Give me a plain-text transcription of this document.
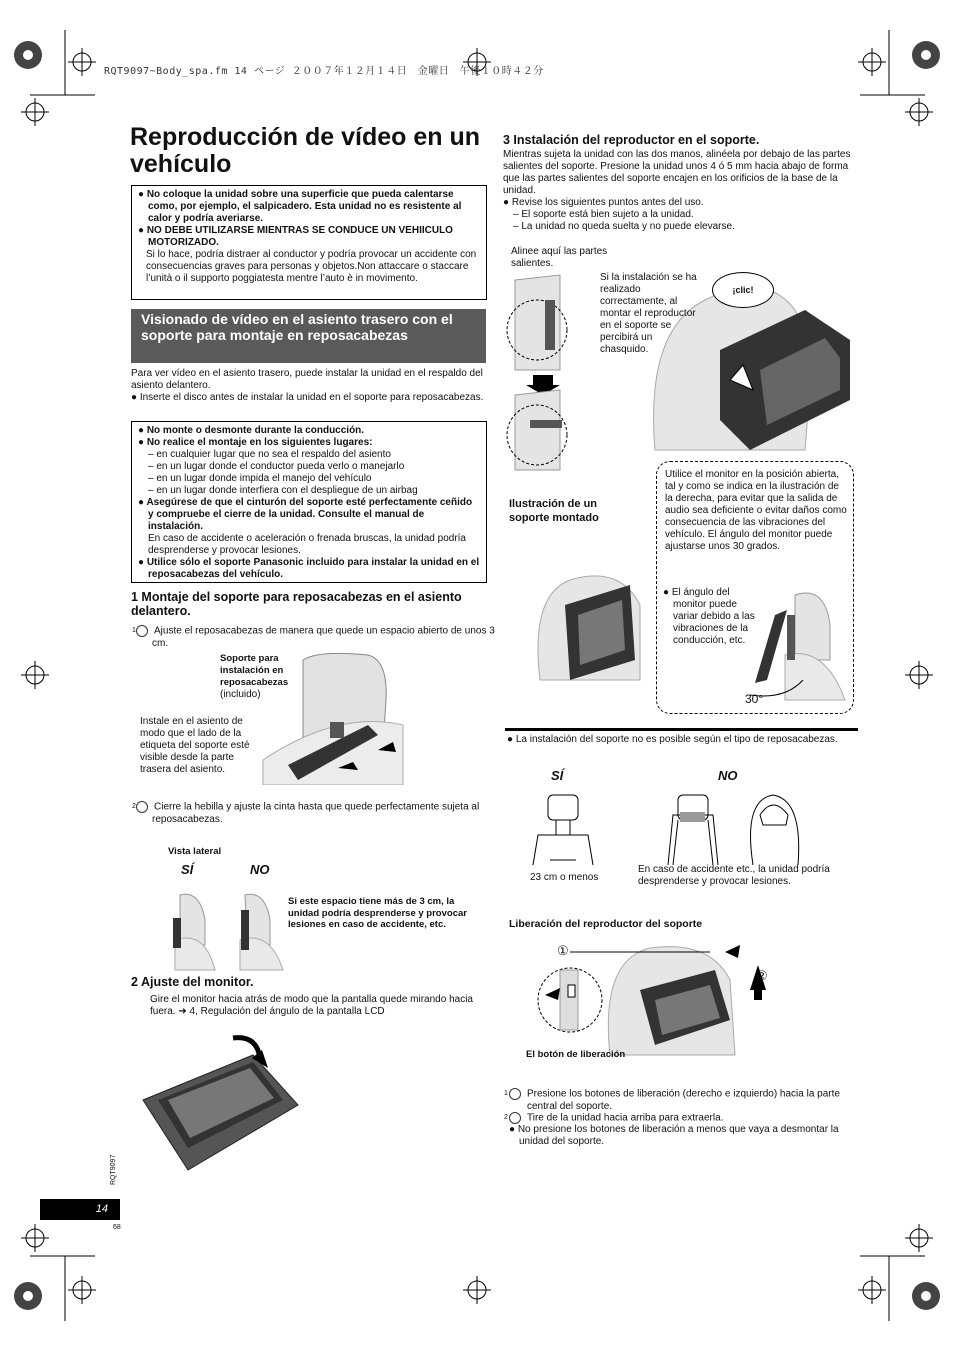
RQT9097~Body_spa.fm 14 ページ ２００７年１２月１４日　金曜日　午後１０時４２分
Reproducción de vídeo en un vehículo

● No coloque la unidad sobre una superficie que pueda calentarse como, por ejemplo, el salpicadero. Esta unidad no es resistente al calor y podría averiarse.

● NO DEBE UTILIZARSE MIENTRAS SE CONDUCE UN VEHIICULO MOTORIZADO.

Si lo hace, podría distraer al conductor y podría provocar un accidente con consecuencias graves para personas y objetos.Non attaccare o staccare l’unità o il supporto poggiatesta mentre l’auto è in movimento.

Visionado de vídeo en el asiento trasero con el soporte para montaje en reposacabezas
Para ver vídeo en el asiento trasero, puede instalar la unidad en el respaldo del asiento delantero.
● Inserte el disco antes de instalar la unidad en el soporte para reposacabezas.

● No monte o desmonte durante la conducción.

● No realice el montaje en los siguientes lugares:

– en cualquier lugar que no sea el respaldo del asiento

– en un lugar donde el conductor pueda verlo o manejarlo

– en un lugar donde impida el manejo del vehículo

– en un lugar donde interfiera con el despliegue de un airbag

● Asegúrese de que el cinturón del soporte esté perfectamente ceñido y compruebe el cierre de la unidad. Consulte el manual de instalación.

En caso de accidente o aceleración o frenada bruscas, la unidad podría desprenderse y provocar lesiones.

● Utilice sólo el soporte Panasonic incluido para instalar la unidad en el reposacabezas del vehículo.

1 Montaje del soporte para reposacabezas en el asiento delantero.
1 Ajuste el reposacabezas de manera que quede un espacio abierto de unos 3 cm.
Soporte para instalación en reposacabezas (incluido)
Instale en el asiento de modo que el lado de la etiqueta del soporte esté visible desde la parte trasera del asiento.
2 Cierre la hebilla y ajuste la cinta hasta que quede perfectamente sujeta al reposacabezas.
Vista lateral
SÍ	NO
Si este espacio tiene más de 3 cm, la unidad podría desprenderse y provocar lesiones en caso de accidente, etc.
2 Ajuste del monitor.
Gire el monitor hacia atrás de modo que la pantalla quede mirando hacia fuera. ➜ 4, Regulación del ángulo de la pantalla LCD
RQT9097
14
68
3 Instalación del reproductor en el soporte.
Mientras sujeta la unidad con las dos manos, alinéela por debajo de las partes salientes del soporte. Presione la unidad unos 4 ó 5 mm hacia abajo de forma que las partes salientes del soporte encajen en los orificios de la base de la unidad.
● Revise los siguientes puntos antes del uso.
– El soporte está bien sujeto a la unidad.
– La unidad no queda suelta y no puede elevarse.
Alinee aquí las partes salientes.
Si la instalación se ha realizado correctamente, al montar el reproductor en el soporte se percibirá un chasquido.
¡clic!
Ilustración de un soporte montado
Utilice el monitor en la posición abierta, tal y como se indica en la ilustración de la derecha, para evitar que la salida de audio sea deficiente o evitar daños como consecuencia de las vibraciones del vehículo. El ángulo del monitor puede ajustarse unos 30 grados.
● El ángulo del monitor puede variar debido a las vibraciones de la conducción, etc.
30°
● La instalación del soporte no es posible según el tipo de reposacabezas.
SÍ	NO
23 cm o menos
En caso de accidente etc., la unidad podría desprenderse y provocar lesiones.
Liberación del reproductor del soporte
①
②
El botón de liberación
1 Presione los botones de liberación (derecho e izquierdo) hacia la parte central del soporte.
2 Tire de la unidad hacia arriba para extraerla.
● No presione los botones de liberación a menos que vaya a desmontar la unidad del soporte.
